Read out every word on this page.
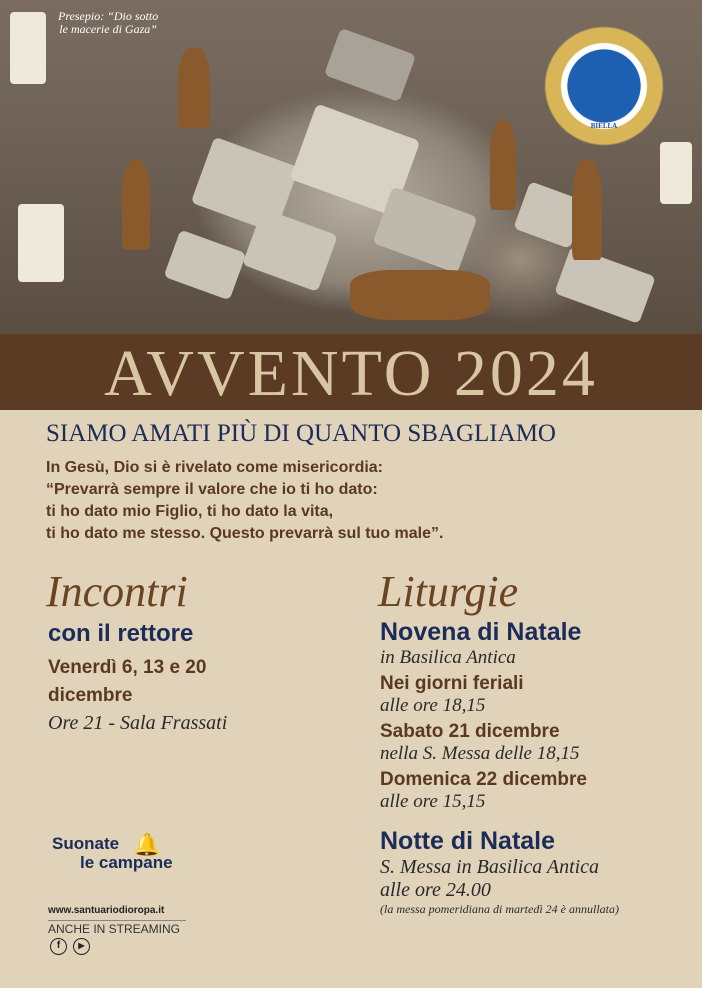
Presepio: “Dio sotto
le macerie di Gaza”
BIELLA
AVVENTO 2024
SIAMO AMATI PIÙ DI QUANTO SBAGLIAMO
In Gesù, Dio si è rivelato come misericordia:
“Prevarrà sempre il valore che io ti ho dato:
ti ho dato mio Figlio, ti ho dato la vita,
ti ho dato me stesso. Questo prevarrà sul tuo male”.
Incontri
con il rettore
Venerdì 6, 13 e 20
dicembre
Ore 21 - Sala Frassati
Liturgie
Novena di Natale
in Basilica Antica
Nei giorni feriali
alle ore 18,15
Sabato 21 dicembre
nella S. Messa delle 18,15
Domenica 22 dicembre
alle ore 15,15
Notte di Natale
S. Messa in Basilica Antica
alle ore 24.00
(la messa pomeridiana di martedì 24 è annullata)
Suonate
le campane
🔔
www.santuariodioropa.it
ANCHE IN STREAMING
f	▶
